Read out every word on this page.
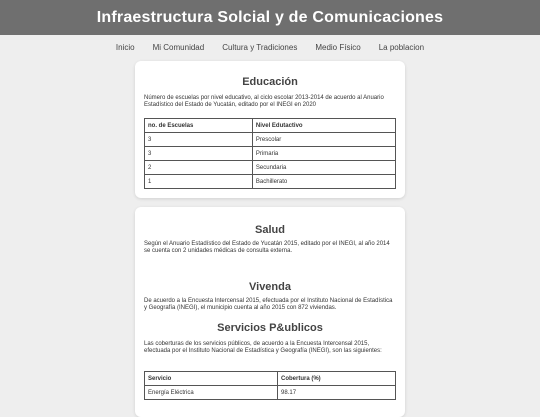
Infraestructura Solcial y de Comunicaciones
Inicio Mi Comunidad Cultura y Tradiciones Medio Físico La poblacion
Educación

Número de escuelas por nivel educativo, al ciclo escolar 2013-2014 de acuerdo al Anuario Estadístico del Estado de Yucatán, editado por el INEGI en 2020

no. de Escuelas	Nivel Edutactivo
3	Prescolar
3	Primaria
2	Secundaria
1	Bachillerato
Salud

Según el Anuario Estadístico del Estado de Yucatán 2015, editado por el INEGI, al año 2014 se cuenta con 2 unidades médicas de consulta externa.

Vivenda

De acuerdo a la Encuesta Intercensal 2015, efectuada por el Instituto Nacional de Estadística y Geografía (INEGI), el municipio cuenta al año 2015 con 872 viviendas.

Servicios P&ublicos

Las coberturas de los servicios públicos, de acuerdo a la Encuesta Intercensal 2015, efectuada por el Instituto Nacional de Estadística y Geografía (INEGI), son las siguientes:

Servicio	Cobertura (%)
Energía Eléctrica	98.17
